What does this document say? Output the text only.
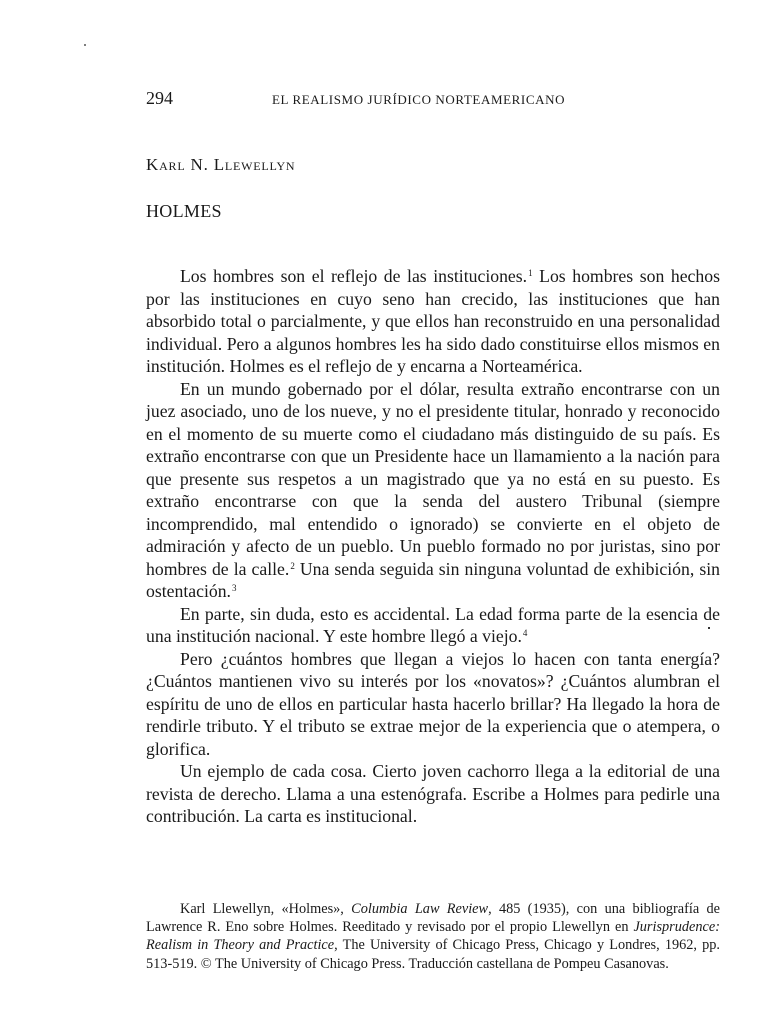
294	EL REALISMO JURÍDICO NORTEAMERICANO
Karl N. Llewellyn
HOLMES

Los hombres son el reflejo de las instituciones.$^1$ Los hombres son hechos por las instituciones en cuyo seno han crecido, las instituciones que han absorbido total o parcialmente, y que ellos han reconstruido en una personalidad individual. Pero a algunos hombres les ha sido dado constituirse ellos mismos en institución. Holmes es el reflejo de y encarna a Norteamérica.

En un mundo gobernado por el dólar, resulta extraño encontrarse con un juez asociado, uno de los nueve, y no el presidente titular, honrado y reconocido en el momento de su muerte como el ciudadano más distinguido de su país. Es extraño encontrarse con que un Presidente hace un llamamiento a la nación para que presente sus respetos a un magistrado que ya no está en su puesto. Es extraño encontrarse con que la senda del austero Tribunal (siempre incomprendido, mal entendido o ignorado) se convierte en el objeto de admiración y afecto de un pueblo. Un pueblo formado no por juristas, sino por hombres de la calle.$^2$ Una senda seguida sin ninguna voluntad de exhibición, sin ostentación.$^3$

En parte, sin duda, esto es accidental. La edad forma parte de la esencia de una institución nacional. Y este hombre llegó a viejo.$^4$

Pero ¿cuántos hombres que llegan a viejos lo hacen con tanta energía? ¿Cuántos mantienen vivo su interés por los «novatos»? ¿Cuántos alumbran el espíritu de uno de ellos en particular hasta hacerlo brillar? Ha llegado la hora de rendirle tributo. Y el tributo se extrae mejor de la experiencia que o atempera, o glorifica.

Un ejemplo de cada cosa. Cierto joven cachorro llega a la editorial de una revista de derecho. Llama a una estenógrafa. Escribe a Holmes para pedirle una contribución. La carta es institucional.

Karl Llewellyn, «Holmes», Columbia Law Review, 485 (1935), con una bibliografía de Lawrence R. Eno sobre Holmes. Reeditado y revisado por el propio Llewellyn en Jurisprudence: Realism in Theory and Practice, The University of Chicago Press, Chicago y Londres, 1962, pp. 513-519. © The University of Chicago Press. Traducción castellana de Pompeu Casanovas.
